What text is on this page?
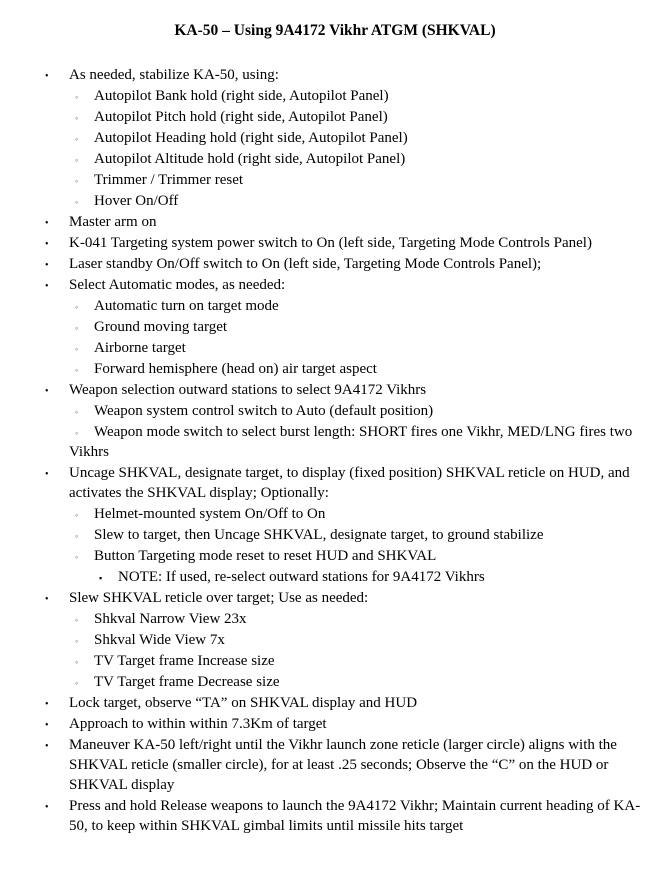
KA-50 – Using 9A4172 Vikhr ATGM (SHKVAL)
• As needed, stabilize KA-50, using:
◦ Autopilot Bank hold (right side, Autopilot Panel)
◦ Autopilot Pitch hold (right side, Autopilot Panel)
◦ Autopilot Heading hold (right side, Autopilot Panel)
◦ Autopilot Altitude hold (right side, Autopilot Panel)
◦ Trimmer / Trimmer reset
◦ Hover On/Off
• Master arm on
• K-041 Targeting system power switch to On (left side, Targeting Mode Controls Panel)
• Laser standby On/Off switch to On (left side, Targeting Mode Controls Panel);
• Select Automatic modes, as needed:
◦ Automatic turn on target mode
◦ Ground moving target
◦ Airborne target
◦ Forward hemisphere (head on) air target aspect
• Weapon selection outward stations to select 9A4172 Vikhrs
◦ Weapon system control switch to Auto (default position)
◦	Weapon mode switch to select burst length: SHORT fires one Vikhr, MED/LNG fires two Vikhrs
• Uncage SHKVAL, designate target, to display (fixed position) SHKVAL reticle on HUD, and activates the SHKVAL display; Optionally:
◦ Helmet-mounted system On/Off to On
◦ Slew to target, then Uncage SHKVAL, designate target, to ground stabilize
◦ Button Targeting mode reset to reset HUD and SHKVAL
▪ NOTE: If used, re-select outward stations for 9A4172 Vikhrs
• Slew SHKVAL reticle over target; Use as needed:
◦ Shkval Narrow View 23x
◦ Shkval Wide View 7x
◦ TV Target frame Increase size
◦ TV Target frame Decrease size
• Lock target, observe “TA” on SHKVAL display and HUD
• Approach to within within 7.3Km of target
• Maneuver KA-50 left/right until the Vikhr launch zone reticle (larger circle) aligns with the SHKVAL reticle (smaller circle), for at least .25 seconds; Observe the “C” on the HUD or SHKVAL display
• Press and hold Release weapons to launch the 9A4172 Vikhr; Maintain current heading of KA-50, to keep within SHKVAL gimbal limits until missile hits target
